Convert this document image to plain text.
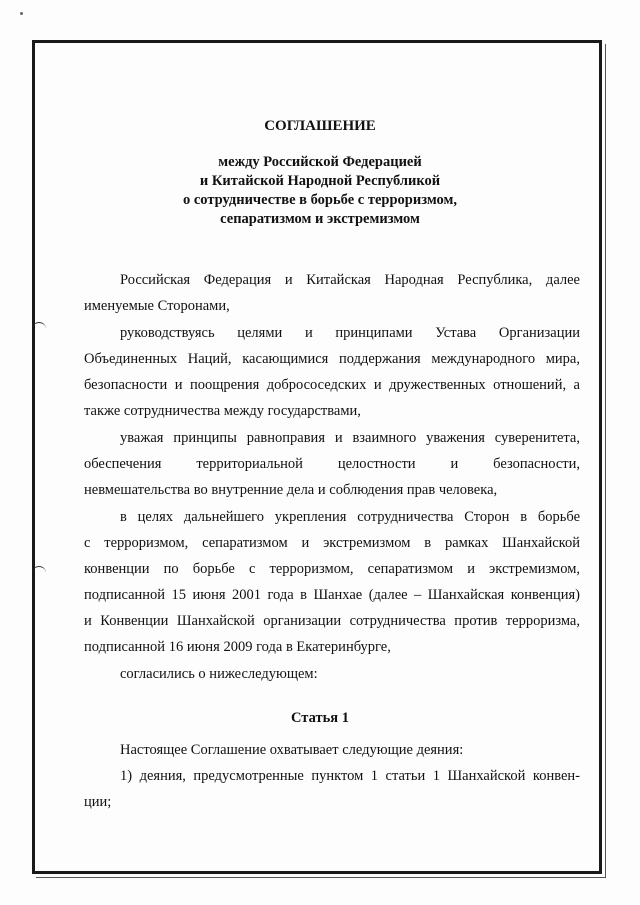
СОГЛАШЕНИЕ
между Российской Федерацией
и Китайской Народной Республикой
о сотрудничестве в борьбе с терроризмом,
сепаратизмом и экстремизмом
Российская Федерация и Китайская Народная Республика, далее
именуемые Сторонами,
руководствуясь целями и принципами Устава Организации
Объединенных Наций, касающимися поддержания международного мира,
безопасности и поощрения добрососедских и дружественных отношений, а
также сотрудничества между государствами,
уважая принципы равноправия и взаимного уважения суверенитета,
обеспечения территориальной целостности и безопасности,
невмешательства во внутренние дела и соблюдения прав человека,
в целях дальнейшего укрепления сотрудничества Сторон в борьбе
с терроризмом, сепаратизмом и экстремизмом в рамках Шанхайской
конвенции по борьбе с терроризмом, сепаратизмом и экстремизмом,
подписанной 15 июня 2001 года в Шанхае (далее – Шанхайская конвенция)
и Конвенции Шанхайской организации сотрудничества против терроризма,
подписанной 16 июня 2009 года в Екатеринбурге,
согласились о нижеследующем:
Статья 1
Настоящее Соглашение охватывает следующие деяния:
1) деяния, предусмотренные пунктом 1 статьи 1 Шанхайской конвен-
ции;
